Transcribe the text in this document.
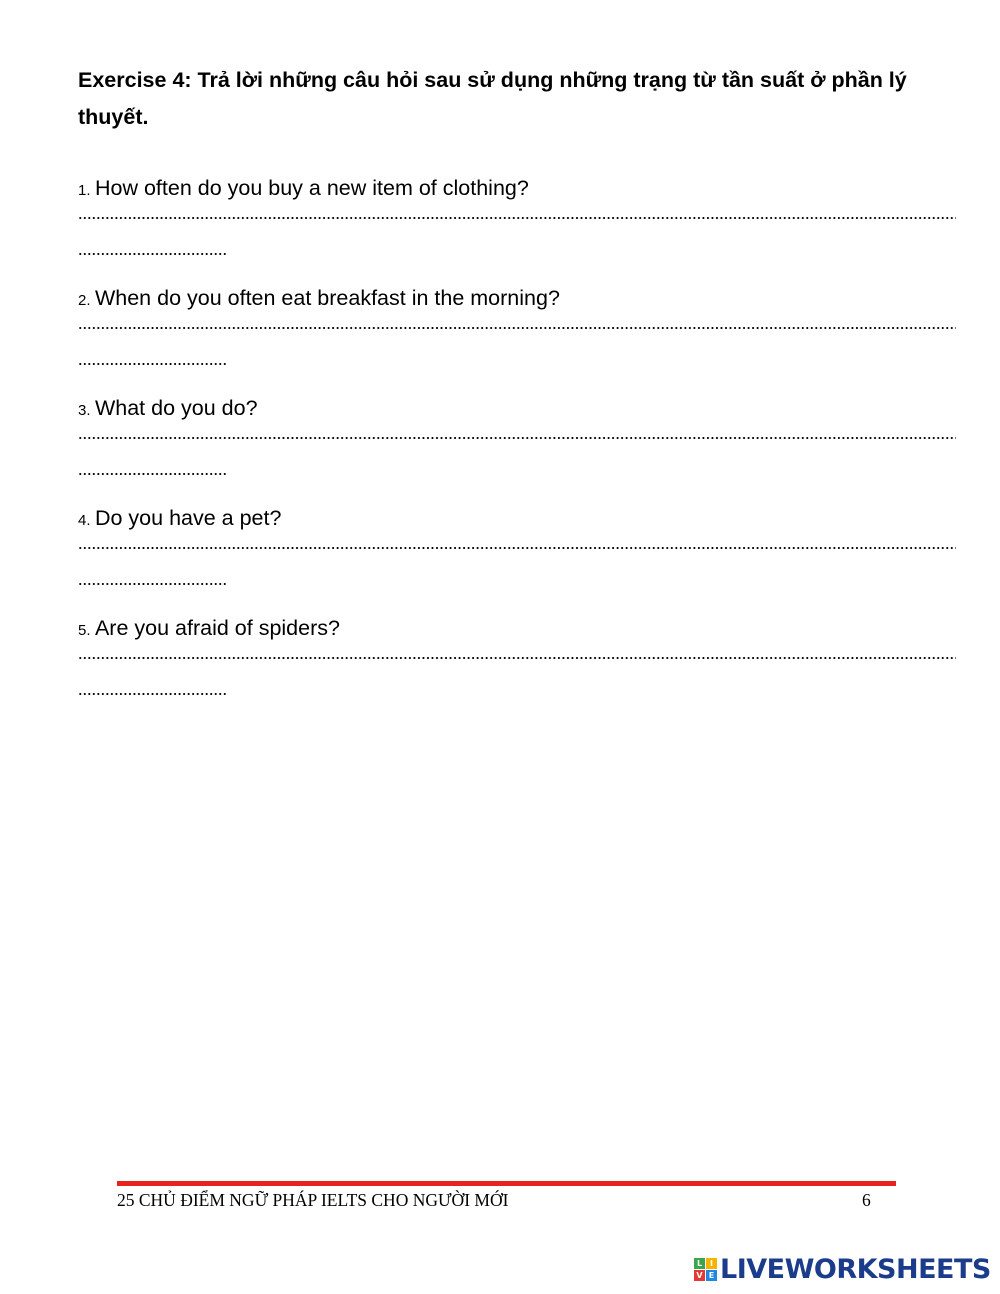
Exercise 4: Trả lời những câu hỏi sau sử dụng những trạng từ tần suất ở phần lý thuyết.
1. How often do you buy a new item of clothing?
2. When do you often eat breakfast in the morning?
3. What do you do?
4. Do you have a pet?
5. Are you afraid of spiders?
25 CHỦ ĐIỂM NGỮ PHÁP IELTS CHO NGƯỜI MỚI	6
L I
V E LIVEWORKSHEETS
